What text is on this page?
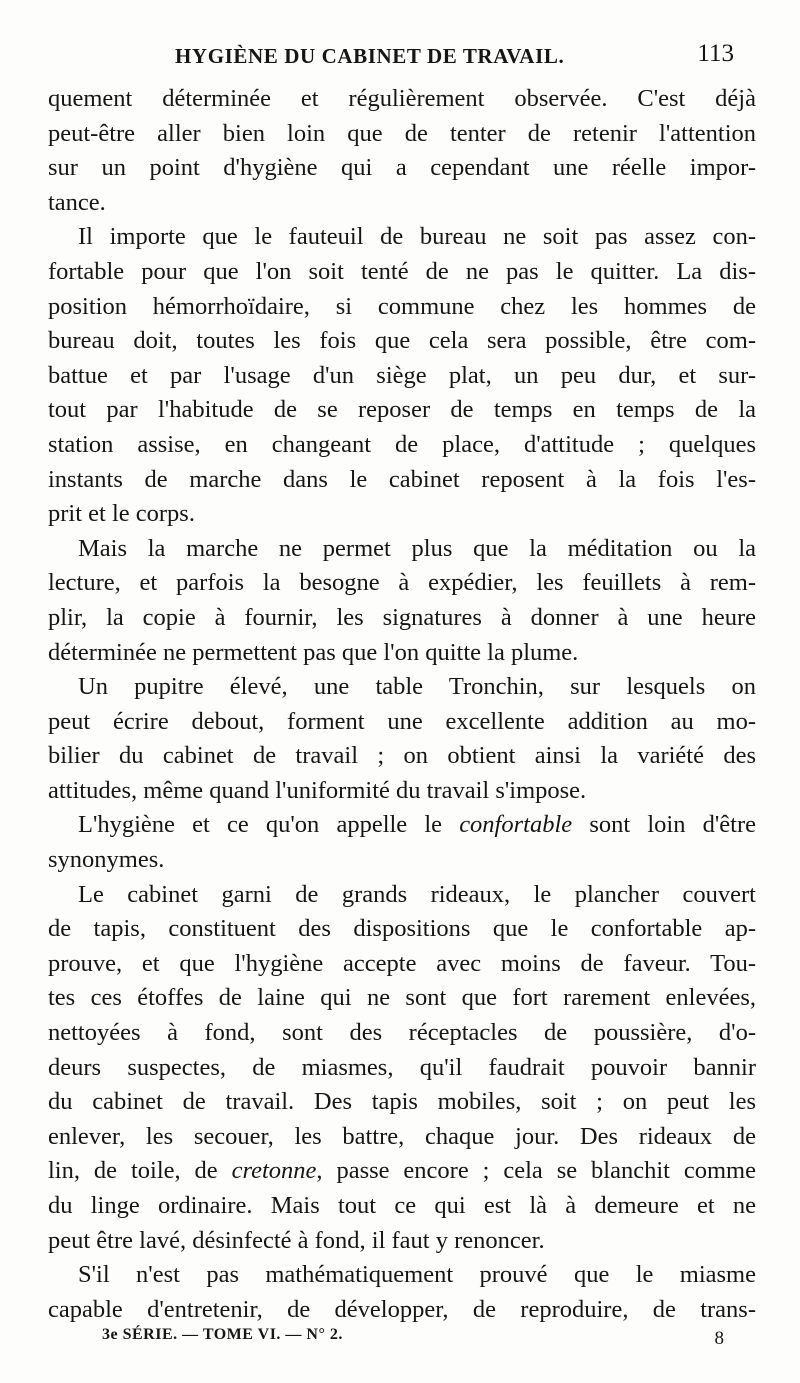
HYGIÈNE DU CABINET DE TRAVAIL.	113
quement déterminée et régulièrement observée. C'est déjà
peut-être aller bien loin que de tenter de retenir l'attention
sur un point d'hygiène qui a cependant une réelle impor-
tance.
Il importe que le fauteuil de bureau ne soit pas assez con-
fortable pour que l'on soit tenté de ne pas le quitter. La dis-
position hémorrhoïdaire, si commune chez les hommes de
bureau doit, toutes les fois que cela sera possible, être com-
battue et par l'usage d'un siège plat, un peu dur, et sur-
tout par l'habitude de se reposer de temps en temps de la
station assise, en changeant de place, d'attitude ; quelques
instants de marche dans le cabinet reposent à la fois l'es-
prit et le corps.
Mais la marche ne permet plus que la méditation ou la
lecture, et parfois la besogne à expédier, les feuillets à rem-
plir, la copie à fournir, les signatures à donner à une heure
déterminée ne permettent pas que l'on quitte la plume.
Un pupitre élevé, une table Tronchin, sur lesquels on
peut écrire debout, forment une excellente addition au mo-
bilier du cabinet de travail ; on obtient ainsi la variété des
attitudes, même quand l'uniformité du travail s'impose.
L'hygiène et ce qu'on appelle le confortable sont loin d'être
synonymes.
Le cabinet garni de grands rideaux, le plancher couvert
de tapis, constituent des dispositions que le confortable ap-
prouve, et que l'hygiène accepte avec moins de faveur. Tou-
tes ces étoffes de laine qui ne sont que fort rarement enlevées,
nettoyées à fond, sont des réceptacles de poussière, d'o-
deurs suspectes, de miasmes, qu'il faudrait pouvoir bannir
du cabinet de travail. Des tapis mobiles, soit ; on peut les
enlever, les secouer, les battre, chaque jour. Des rideaux de
lin, de toile, de cretonne, passe encore ; cela se blanchit comme
du linge ordinaire. Mais tout ce qui est là à demeure et ne
peut être lavé, désinfecté à fond, il faut y renoncer.
S'il n'est pas mathématiquement prouvé que le miasme
capable d'entretenir, de développer, de reproduire, de trans-
3e SÉRIE. — TOME VI. — N° 2.	8
